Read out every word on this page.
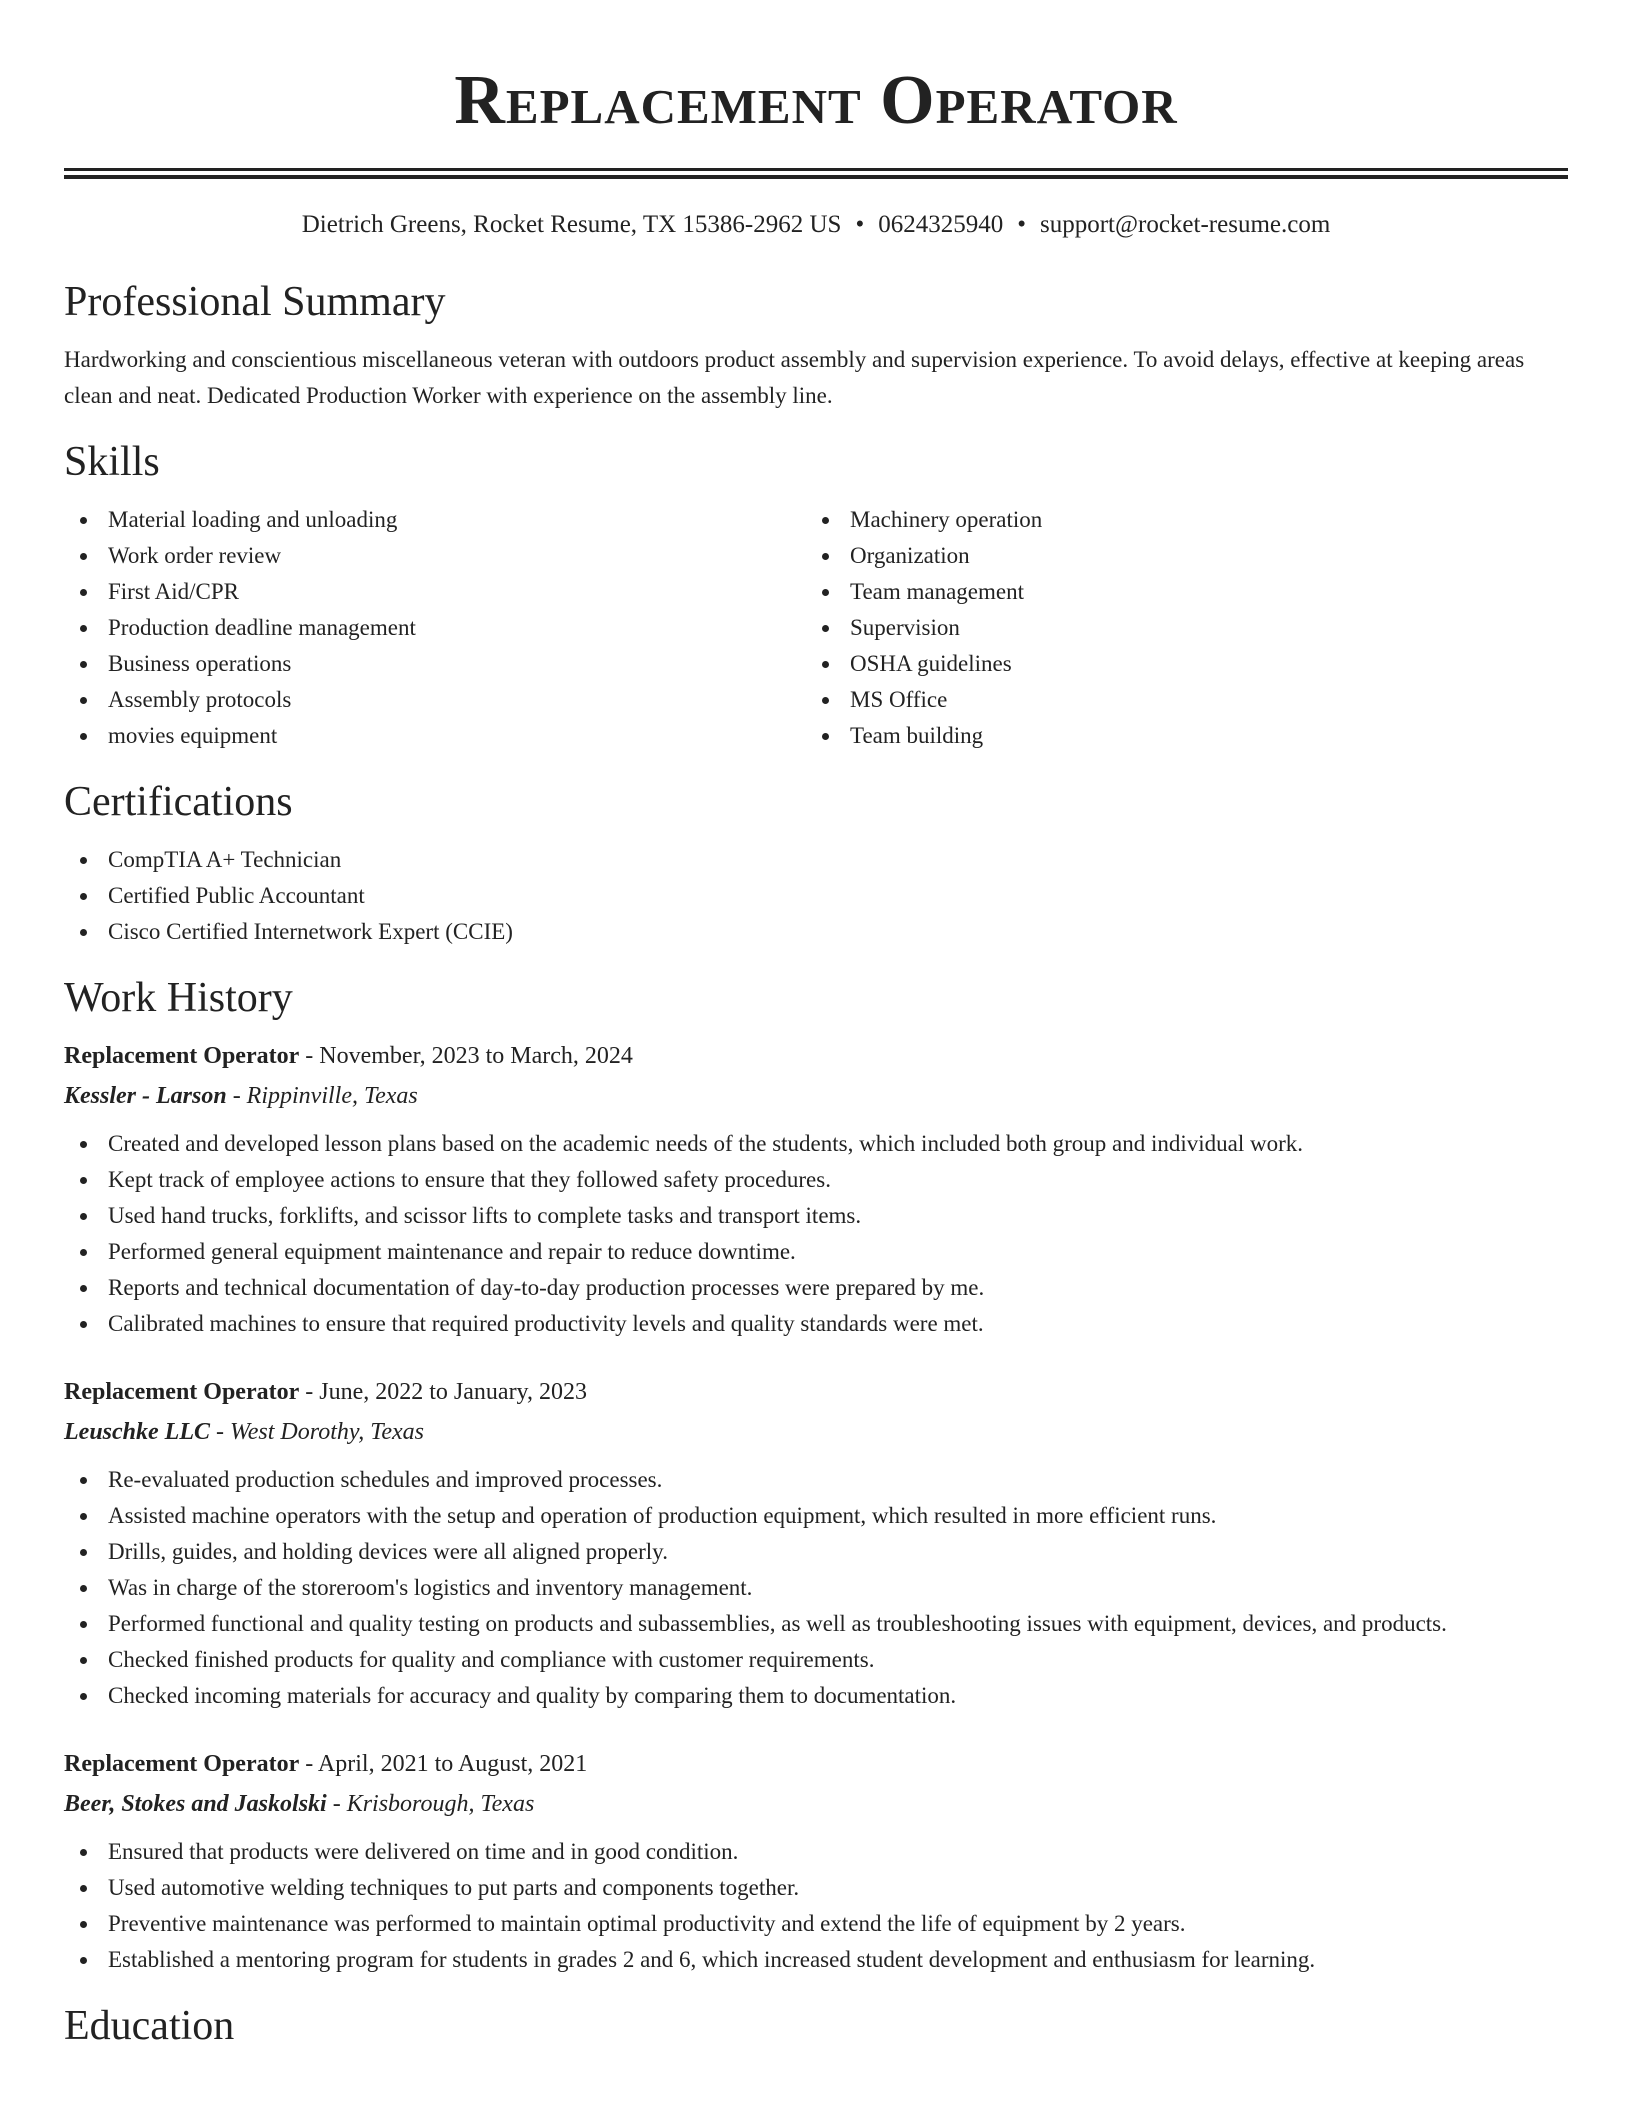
Replacement Operator
Dietrich Greens, Rocket Resume, TX 15386-2962 US • 0624325940 • support@rocket-resume.com
Professional Summary

Hardworking and conscientious miscellaneous veteran with outdoors product assembly and supervision experience. To avoid delays, effective at keeping areas clean and neat. Dedicated Production Worker with experience on the assembly line.

Skills
Material loading and unloading
Work order review
First Aid/CPR
Production deadline management
Business operations
Assembly protocols
movies equipment
Machinery operation
Organization
Team management
Supervision
OSHA guidelines
MS Office
Team building
Certifications
CompTIA A+ Technician
Certified Public Accountant
Cisco Certified Internetwork Expert (CCIE)
Work History
Replacement Operator - November, 2023 to March, 2024
Kessler - Larson - Rippinville, Texas
Created and developed lesson plans based on the academic needs of the students, which included both group and individual work.
Kept track of employee actions to ensure that they followed safety procedures.
Used hand trucks, forklifts, and scissor lifts to complete tasks and transport items.
Performed general equipment maintenance and repair to reduce downtime.
Reports and technical documentation of day-to-day production processes were prepared by me.
Calibrated machines to ensure that required productivity levels and quality standards were met.
Replacement Operator - June, 2022 to January, 2023
Leuschke LLC - West Dorothy, Texas
Re-evaluated production schedules and improved processes.
Assisted machine operators with the setup and operation of production equipment, which resulted in more efficient runs.
Drills, guides, and holding devices were all aligned properly.
Was in charge of the storeroom's logistics and inventory management.
Performed functional and quality testing on products and subassemblies, as well as troubleshooting issues with equipment, devices, and products.
Checked finished products for quality and compliance with customer requirements.
Checked incoming materials for accuracy and quality by comparing them to documentation.
Replacement Operator - April, 2021 to August, 2021
Beer, Stokes and Jaskolski - Krisborough, Texas
Ensured that products were delivered on time and in good condition.
Used automotive welding techniques to put parts and components together.
Preventive maintenance was performed to maintain optimal productivity and extend the life of equipment by 2 years.
Established a mentoring program for students in grades 2 and 6, which increased student development and enthusiasm for learning.
Education
